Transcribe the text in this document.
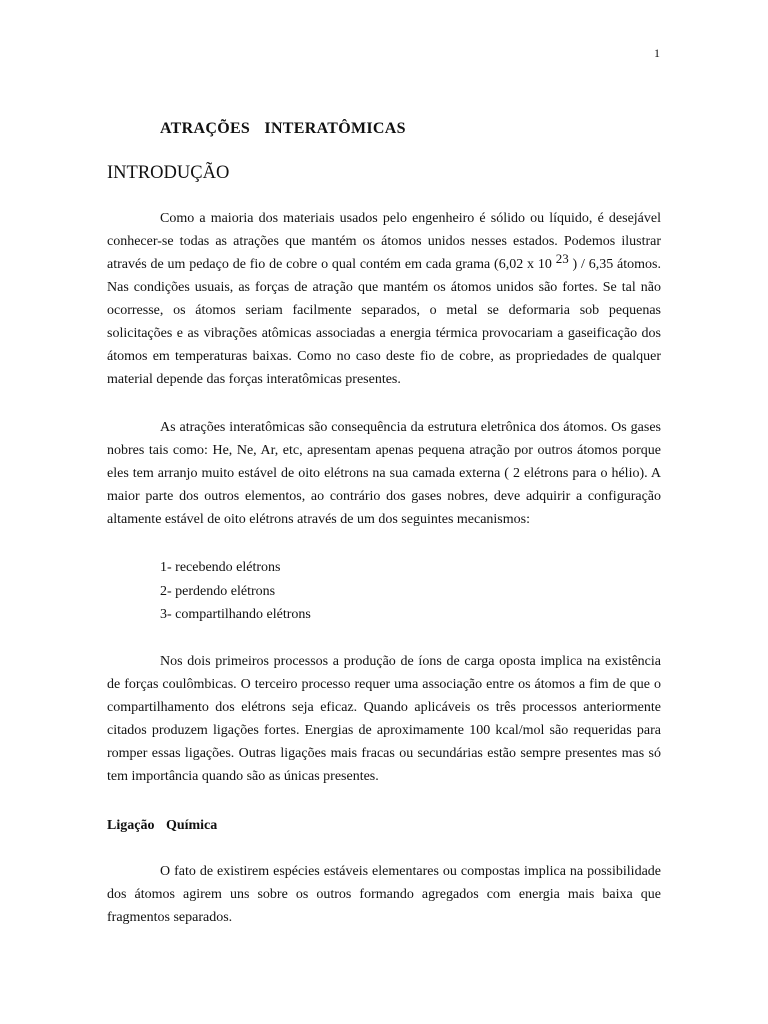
1
ATRAÇÕES INTERATÔMICAS
INTRODUÇÃO

Como a maioria dos materiais usados pelo engenheiro é sólido ou líquido, é desejável conhecer-se todas as atrações que mantém os átomos unidos nesses estados. Podemos ilustrar através de um pedaço de fio de cobre o qual contém em cada grama (6,02 x 10 $^{23}$ ) / 6,35 átomos. Nas condições usuais, as forças de atração que mantém os átomos unidos são fortes. Se tal não ocorresse, os átomos seriam facilmente separados, o metal se deformaria sob pequenas solicitações e as vibrações atômicas associadas a energia térmica provocariam a gaseificação dos átomos em temperaturas baixas. Como no caso deste fio de cobre, as propriedades de qualquer material depende das forças interatômicas presentes.

As atrações interatômicas são consequência da estrutura eletrônica dos átomos. Os gases nobres tais como: He, Ne, Ar, etc, apresentam apenas pequena atração por outros átomos porque eles tem arranjo muito estável de oito elétrons na sua camada externa ( 2 elétrons para o hélio). A maior parte dos outros elementos, ao contrário dos gases nobres, deve adquirir a configuração altamente estável de oito elétrons através de um dos seguintes mecanismos:

1- recebendo elétrons
2- perdendo elétrons
3- compartilhando elétrons

Nos dois primeiros processos a produção de íons de carga oposta implica na existência de forças coulômbicas. O terceiro processo requer uma associação entre os átomos a fim de que o compartilhamento dos elétrons seja eficaz. Quando aplicáveis os três processos anteriormente citados produzem ligações fortes. Energias de aproximamente 100 kcal/mol são requeridas para romper essas ligações. Outras ligações mais fracas ou secundárias estão sempre presentes mas só tem importância quando são as únicas presentes.

Ligação Química

O fato de existirem espécies estáveis elementares ou compostas implica na possibilidade dos átomos agirem uns sobre os outros formando agregados com energia mais baixa que fragmentos separados.
